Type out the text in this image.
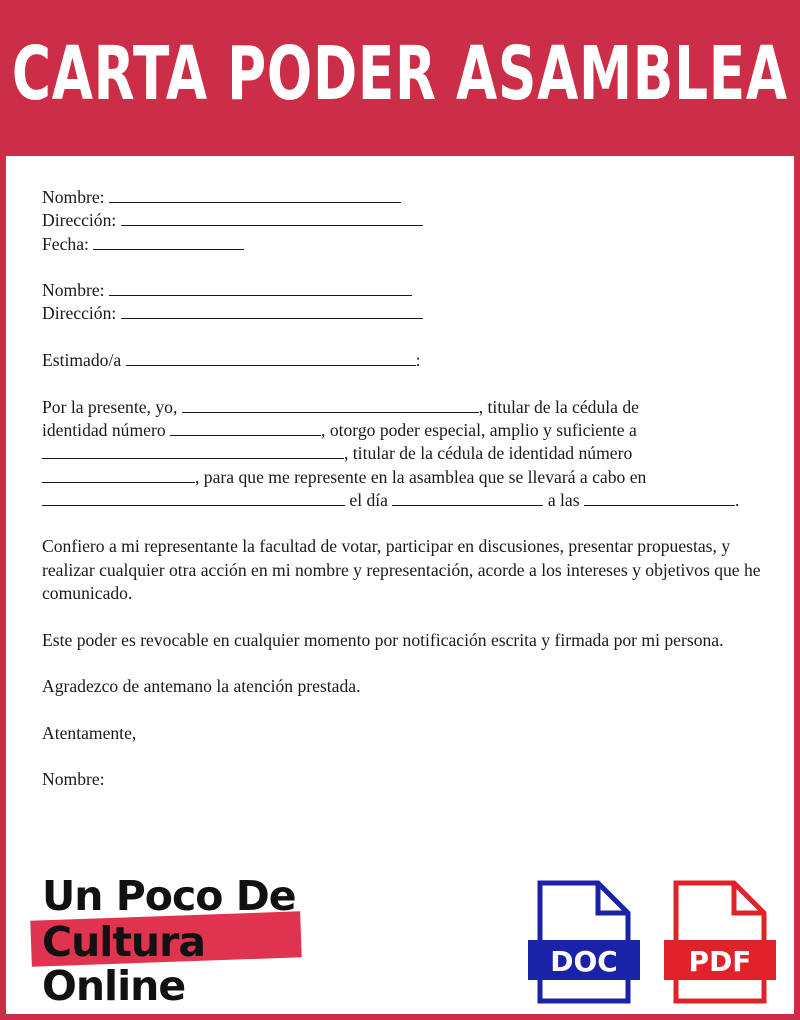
CARTA PODER ASAMBLEA

Nombre:

Dirección:

Fecha:

Nombre:

Dirección:

Estimado/a	:

Por la presente, yo,	, titular de la cédula de

identidad número	, otorgo poder especial, amplio y suficiente a

, titular de la cédula de identidad número

, para que me represente en la asamblea que se llevará a cabo en

el día	a las	.

Confiero a mi representante la facultad de votar, participar en discusiones, presentar propuestas, y realizar cualquier otra acción en mi nombre y representación, acorde a los intereses y objetivos que he comunicado.

Este poder es revocable en cualquier momento por notificación escrita y firmada por mi persona.

Agradezco de antemano la atención prestada.

Atentamente,

Nombre:

Un Poco De
Cultura
Online
DOC	PDF
